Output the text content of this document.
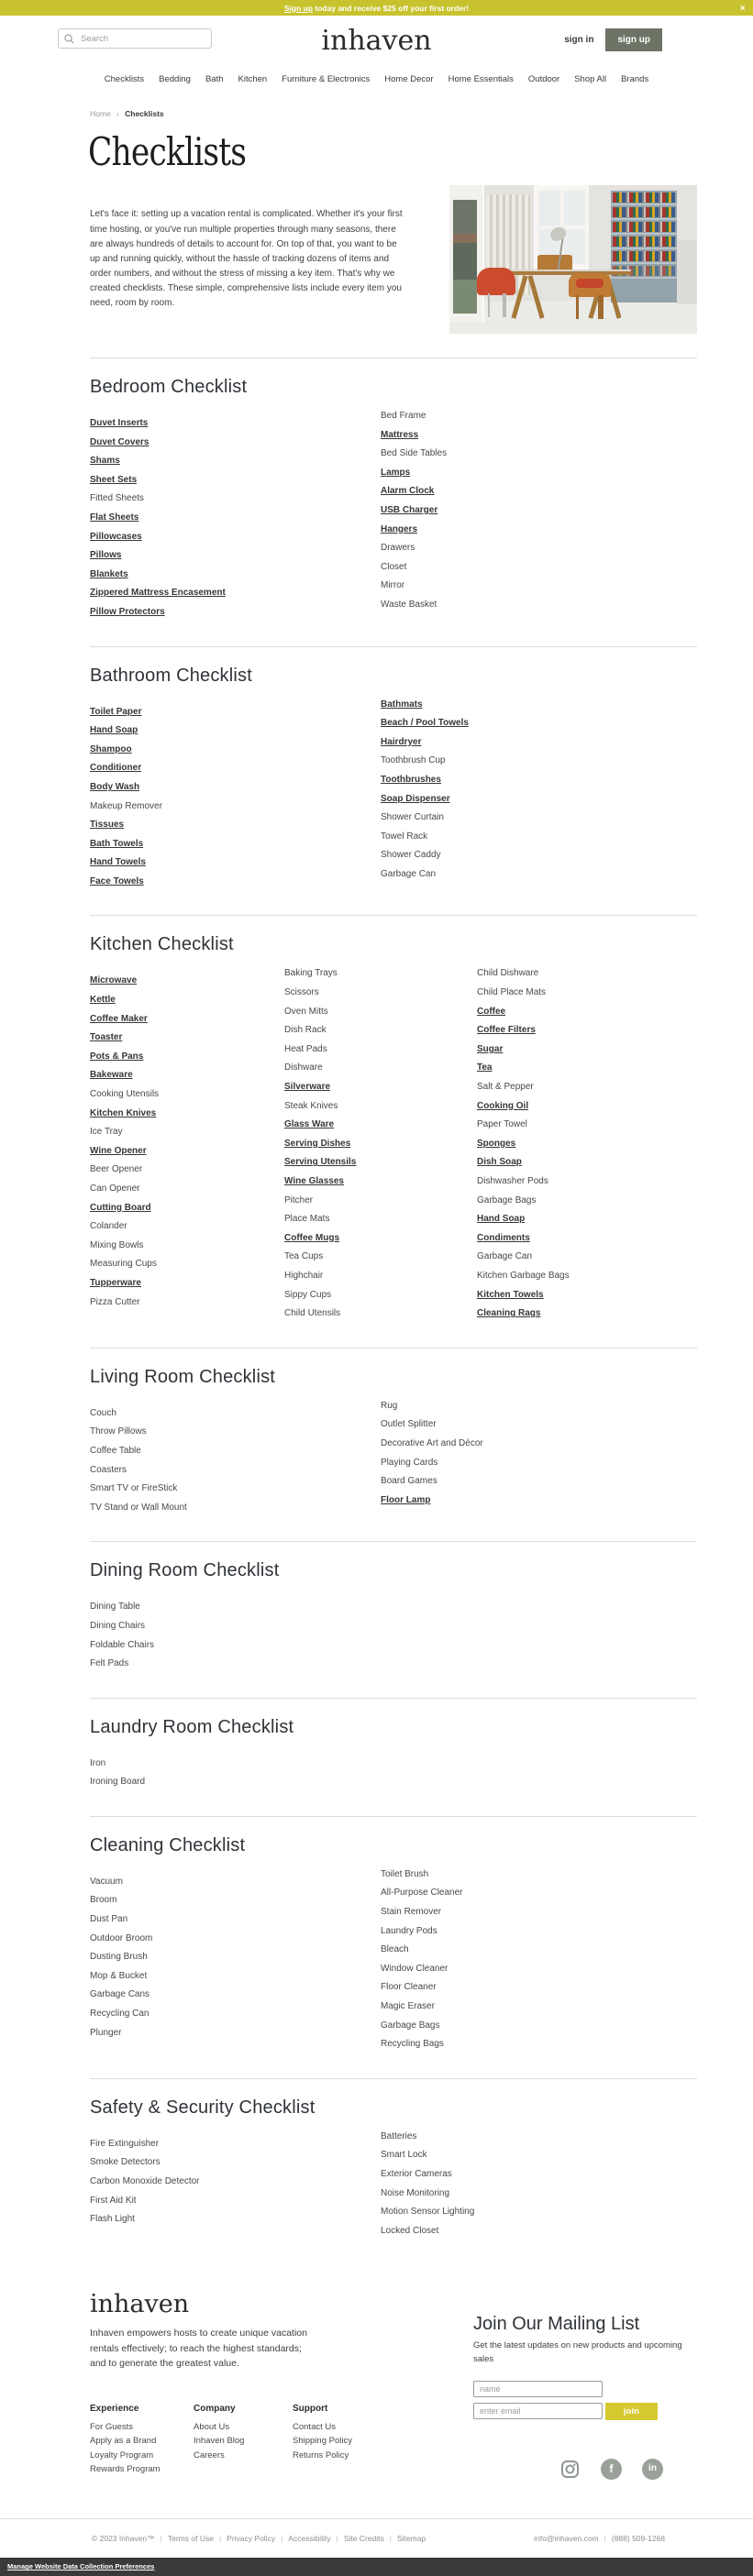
Sign up today and receive $25 off your first order!	✕
Search
inhaven	sign in	sign up
Checklists Bedding Bath Kitchen Furniture & Electronics Home Decor Home Essentials Outdoor Shop All Brands
Home › Checklists
Checklists

Let's face it: setting up a vacation rental is complicated. Whether it's your first time hosting, or you've run multiple properties through many seasons, there are always hundreds of details to account for. On top of that, you want to be up and running quickly, without the hassle of tracking dozens of items and order numbers, and without the stress of missing a key item. That's why we created checklists. These simple, comprehensive lists include every item you need, room by room.

Bedroom Checklist
Duvet Inserts
Duvet Covers
Shams
Sheet Sets
Fitted Sheets
Flat Sheets
Pillowcases
Pillows
Blankets
Zippered Mattress Encasement
Pillow Protectors
Bed Frame
Mattress
Bed Side Tables
Lamps
Alarm Clock
USB Charger
Hangers
Drawers
Closet
Mirror
Waste Basket
Bathroom Checklist
Toilet Paper
Hand Soap
Shampoo
Conditioner
Body Wash
Makeup Remover
Tissues
Bath Towels
Hand Towels
Face Towels
Bathmats
Beach / Pool Towels
Hairdryer
Toothbrush Cup
Toothbrushes
Soap Dispenser
Shower Curtain
Towel Rack
Shower Caddy
Garbage Can
Kitchen Checklist
Microwave
Kettle
Coffee Maker
Toaster
Pots & Pans
Bakeware
Cooking Utensils
Kitchen Knives
Ice Tray
Wine Opener
Beer Opener
Can Opener
Cutting Board
Colander
Mixing Bowls
Measuring Cups
Tupperware
Pizza Cutter
Baking Trays
Scissors
Oven Mitts
Dish Rack
Heat Pads
Dishware
Silverware
Steak Knives
Glass Ware
Serving Dishes
Serving Utensils
Wine Glasses
Pitcher
Place Mats
Coffee Mugs
Tea Cups
Highchair
Sippy Cups
Child Utensils
Child Dishware
Child Place Mats
Coffee
Coffee Filters
Sugar
Tea
Salt & Pepper
Cooking Oil
Paper Towel
Sponges
Dish Soap
Dishwasher Pods
Garbage Bags
Hand Soap
Condiments
Garbage Can
Kitchen Garbage Bags
Kitchen Towels
Cleaning Rags
Living Room Checklist
Couch
Throw Pillows
Coffee Table
Coasters
Smart TV or FireStick
TV Stand or Wall Mount
Rug
Outlet Splitter
Decorative Art and Décor
Playing Cards
Board Games
Floor Lamp
Dining Room Checklist
Dining Table
Dining Chairs
Foldable Chairs
Felt Pads
Laundry Room Checklist
Iron
Ironing Board
Cleaning Checklist
Vacuum
Broom
Dust Pan
Outdoor Broom
Dusting Brush
Mop & Bucket
Garbage Cans
Recycling Can
Plunger
Toilet Brush
All-Purpose Cleaner
Stain Remover
Laundry Pods
Bleach
Window Cleaner
Floor Cleaner
Magic Eraser
Garbage Bags
Recycling Bags
Safety & Security Checklist
Fire Extinguisher
Smoke Detectors
Carbon Monoxide Detector
First Aid Kit
Flash Light
Batteries
Smart Lock
Exterior Cameras
Noise Monitoring
Motion Sensor Lighting
Locked Closet
inhaven
Inhaven empowers hosts to create unique vacation rentals effectively; to reach the highest standards; and to generate the greatest value.
Experience
For Guests
Apply as a Brand
Loyalty Program
Rewards Program
Company
About Us
Inhaven Blog
Careers
Support
Contact Us
Shipping Policy
Returns Policy
Join Our Mailing List
Get the latest updates on new products and upcoming sales
name
enter email
join
f	in
© 2023 Inhaven™ | Terms of Use | Privacy Policy | Accessibility | Site Credits | Sitemap	info@inhaven.com | (888) 509-1268
Manage Website Data Collection Preferences
